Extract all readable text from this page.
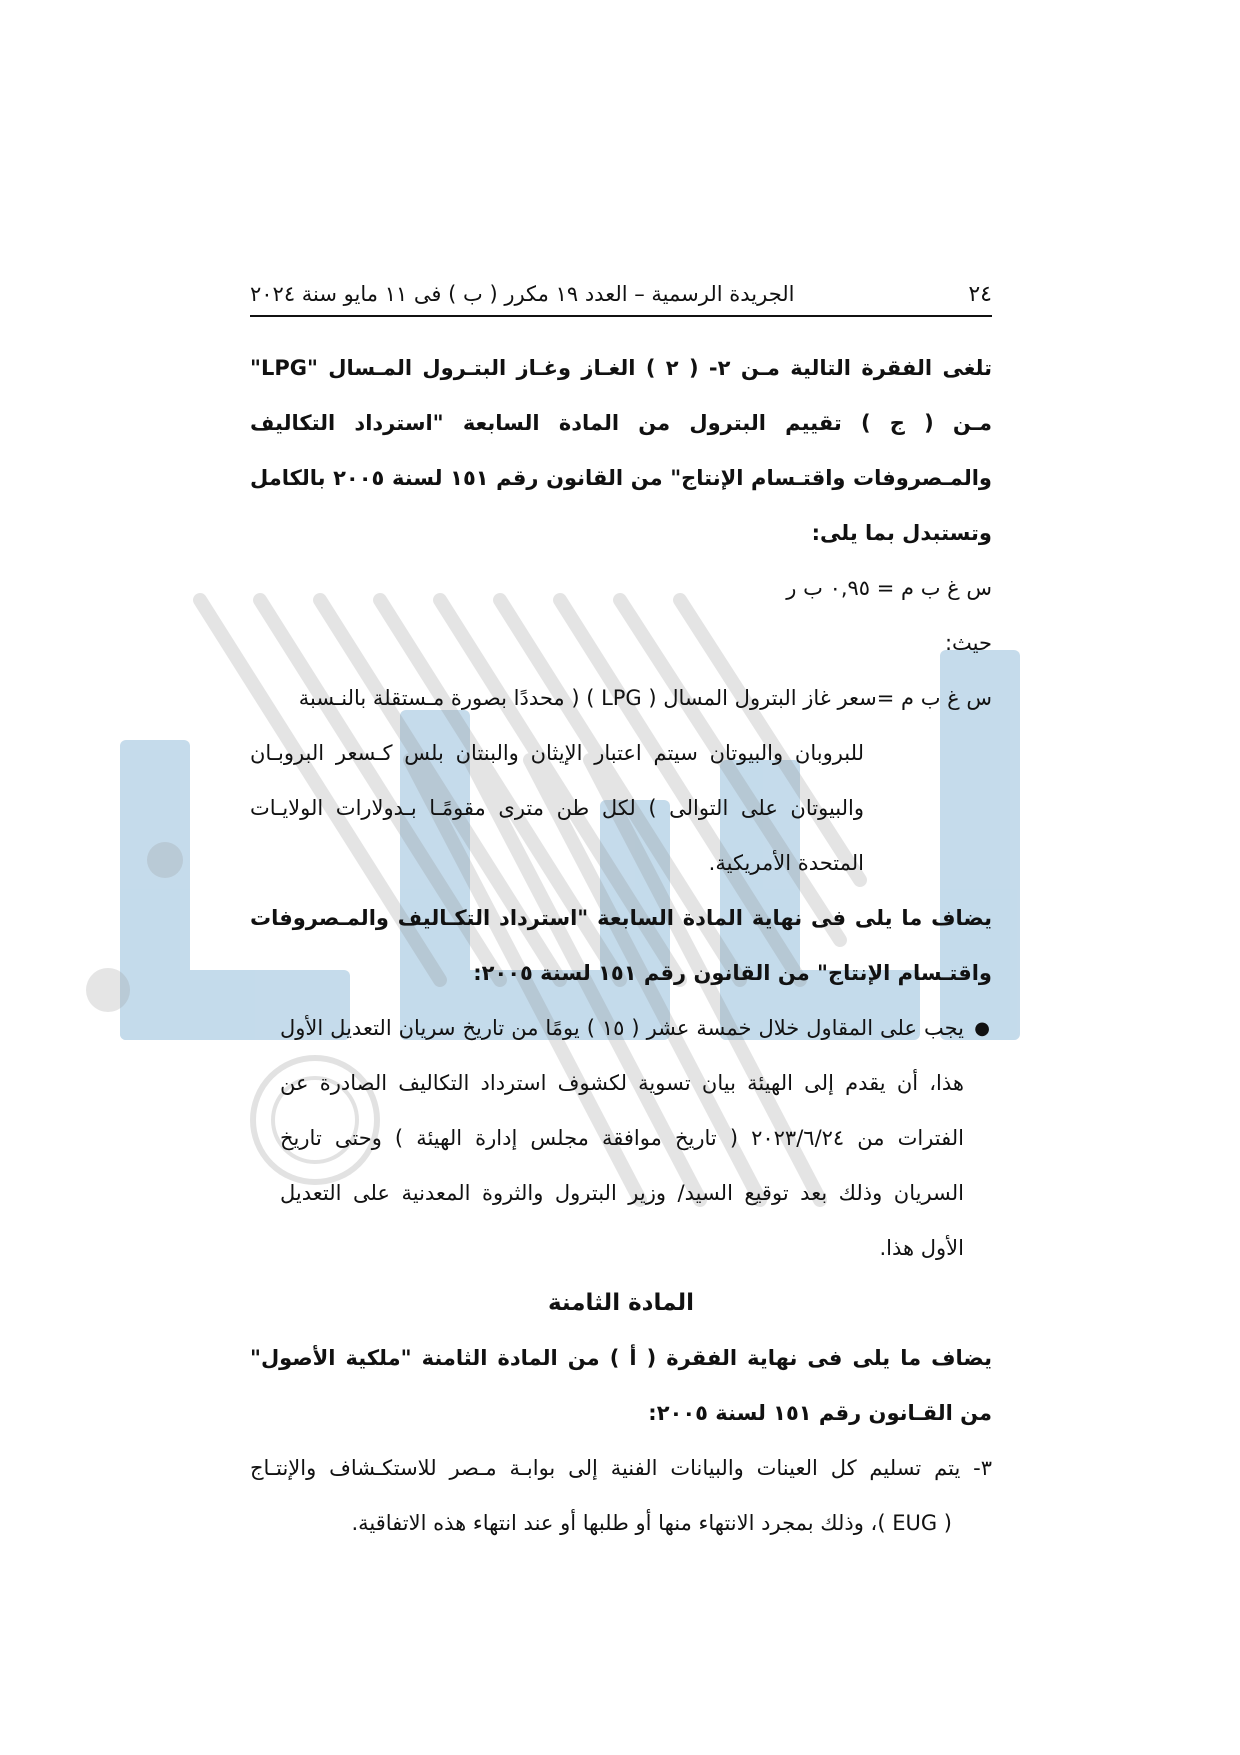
٢٤
الجريدة الرسمية – العدد ١٩ مكرر ( ب ) فى ١١ مايو سنة ٢٠٢٤

تلغى الفقرة التالية مـن ٢- ( ٢ ) الغـاز وغـاز البتـرول المـسال "LPG" مـن ( ج ) تقييم البترول من المادة السابعة "استرداد التكاليف والمـصروفات واقتـسام الإنتاج" من القانون رقم ١٥١ لسنة ٢٠٠٥ بالكامل وتستبدل بما يلى:

س غ ب م = ٠,٩٥ ب ر

حيث:

س غ ب م =
سعر غاز البترول المسال ( LPG ) ( محددًا بصورة مـستقلة بالنـسبة

للبروبان والبيوتان سيتم اعتبار الإيثان والبنتان بلس كـسعر البروبـان والبيوتان على التوالى ) لكل طن مترى مقومًـا بـدولارات الولايـات المتحدة الأمريكية.

يضاف ما يلى فى نهاية المادة السابعة "استرداد التكـاليف والمـصروفات واقتـسام الإنتاج" من القانون رقم ١٥١ لسنة ٢٠٠٥:

●
يجب على المقاول خلال خمسة عشر ( ١٥ ) يومًا من تاريخ سريان التعديل الأول هذا، أن يقدم إلى الهيئة بيان تسوية لكشوف استرداد التكاليف الصادرة عن الفترات من ٢٠٢٣/٦/٢٤ ( تاريخ موافقة مجلس إدارة الهيئة ) وحتى تاريخ السريان وذلك بعد توقيع السيد/ وزير البترول والثروة المعدنية على التعديل الأول هذا.

المادة الثامنة

يضاف ما يلى فى نهاية الفقرة ( أ ) من المادة الثامنة "ملكية الأصول" من القـانون رقم ١٥١ لسنة ٢٠٠٥:

٣- يتم تسليم كل العينات والبيانات الفنية إلى بوابـة مـصر للاستكـشاف والإنتـاج

( EUG )، وذلك بمجرد الانتهاء منها أو طلبها أو عند انتهاء هذه الاتفاقية.
